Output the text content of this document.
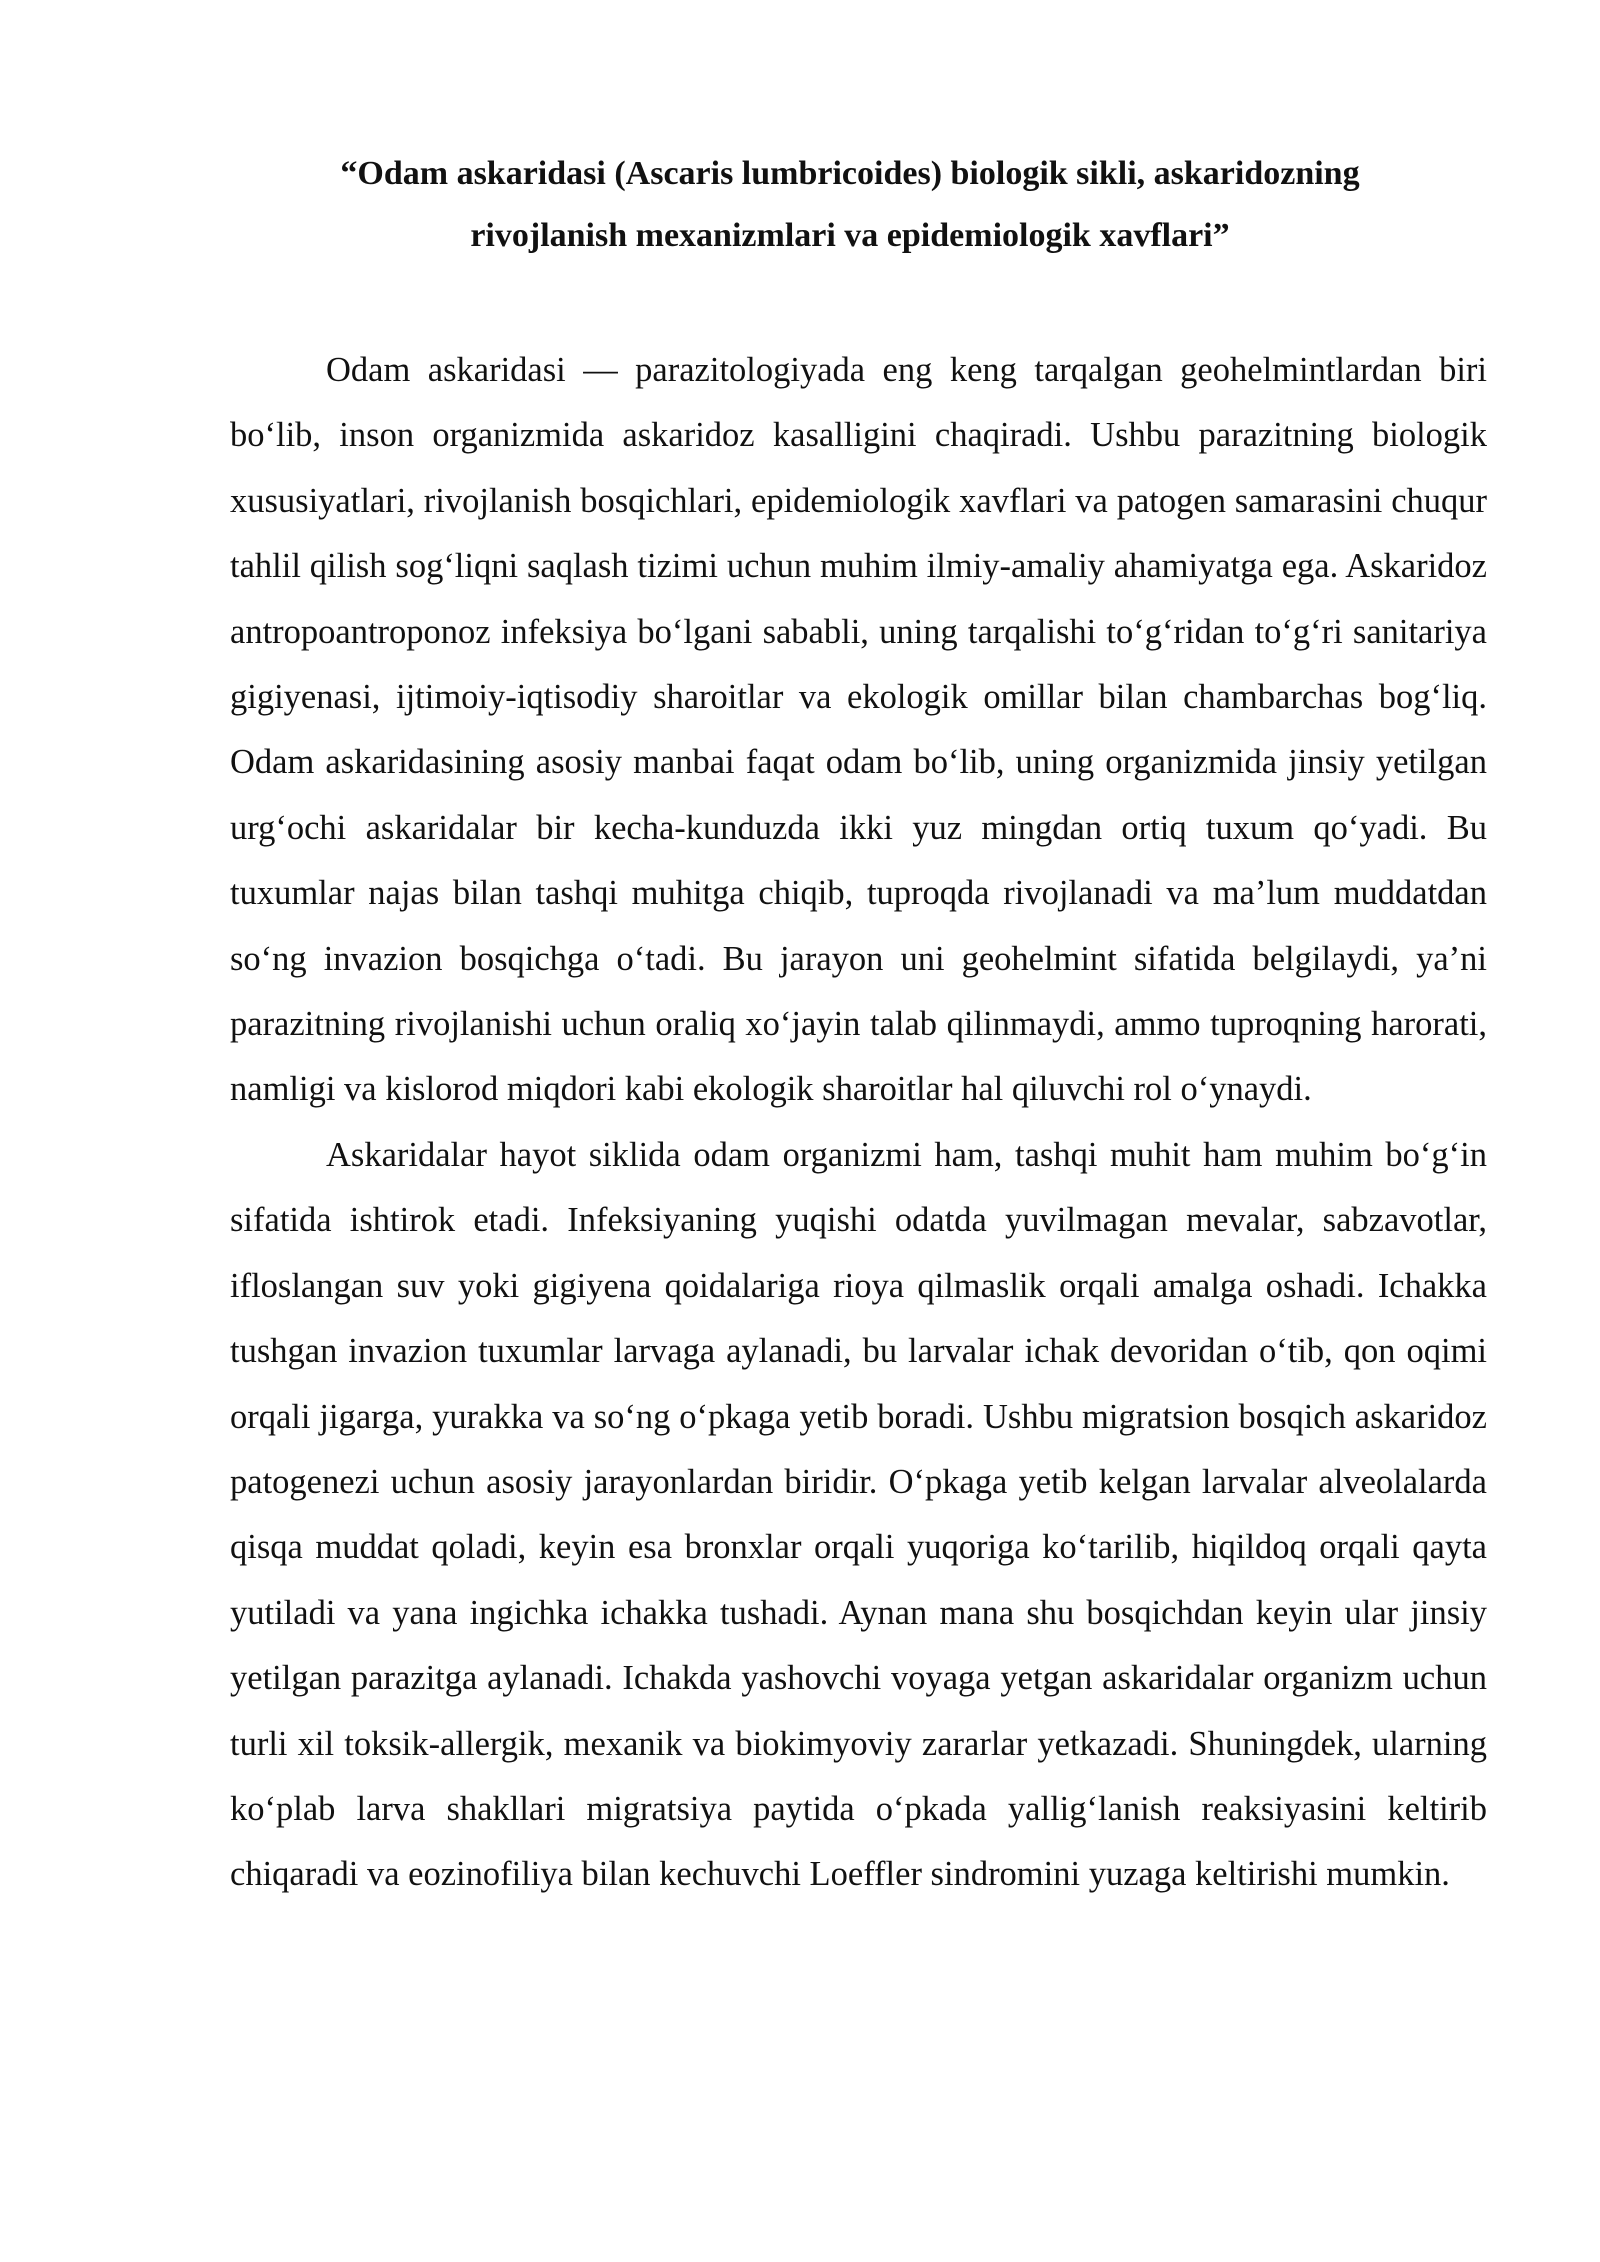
“Odam askaridasi (Ascaris lumbricoides) biologik sikli, askaridozning
rivojlanish mexanizmlari va epidemiologik xavflari”

Odam askaridasi — parazitologiyada eng keng tarqalgan geohelmintlardan biri bo‘lib, inson organizmida askaridoz kasalligini chaqiradi. Ushbu parazitning biologik xususiyatlari, rivojlanish bosqichlari, epidemiologik xavflari va patogen samarasini chuqur tahlil qilish sog‘liqni saqlash tizimi uchun muhim ilmiy-amaliy ahamiyatga ega. Askaridoz antropoantroponoz infeksiya bo‘lgani sababli, uning tarqalishi to‘g‘ridan to‘g‘ri sanitariya gigiyenasi, ijtimoiy-iqtisodiy sharoitlar va ekologik omillar bilan chambarchas bog‘liq. Odam askaridasining asosiy manbai faqat odam bo‘lib, uning organizmida jinsiy yetilgan urg‘ochi askaridalar bir kecha-kunduzda ikki yuz mingdan ortiq tuxum qo‘yadi. Bu tuxumlar najas bilan tashqi muhitga chiqib, tuproqda rivojlanadi va ma’lum muddatdan so‘ng invazion bosqichga o‘tadi. Bu jarayon uni geohelmint sifatida belgilaydi, ya’ni parazitning rivojlanishi uchun oraliq xo‘jayin talab qilinmaydi, ammo tuproqning harorati, namligi va kislorod miqdori kabi ekologik sharoitlar hal qiluvchi rol o‘ynaydi.

Askaridalar hayot siklida odam organizmi ham, tashqi muhit ham muhim bo‘g‘in sifatida ishtirok etadi. Infeksiyaning yuqishi odatda yuvilmagan mevalar, sabzavotlar, ifloslangan suv yoki gigiyena qoidalariga rioya qilmaslik orqali amalga oshadi. Ichakka tushgan invazion tuxumlar larvaga aylanadi, bu larvalar ichak devoridan o‘tib, qon oqimi orqali jigarga, yurakka va so‘ng o‘pkaga yetib boradi. Ushbu migratsion bosqich askaridoz patogenezi uchun asosiy jarayonlardan biridir. O‘pkaga yetib kelgan larvalar alveolalarda qisqa muddat qoladi, keyin esa bronxlar orqali yuqoriga ko‘tarilib, hiqildoq orqali qayta yutiladi va yana ingichka ichakka tushadi. Aynan mana shu bosqichdan keyin ular jinsiy yetilgan parazitga aylanadi. Ichakda yashovchi voyaga yetgan askaridalar organizm uchun turli xil toksik-allergik, mexanik va biokimyoviy zararlar yetkazadi. Shuningdek, ularning ko‘plab larva shakllari migratsiya paytida o‘pkada yallig‘lanish reaksiyasini keltirib chiqaradi va eozinofiliya bilan kechuvchi Loeffler sindromini yuzaga keltirishi mumkin.
